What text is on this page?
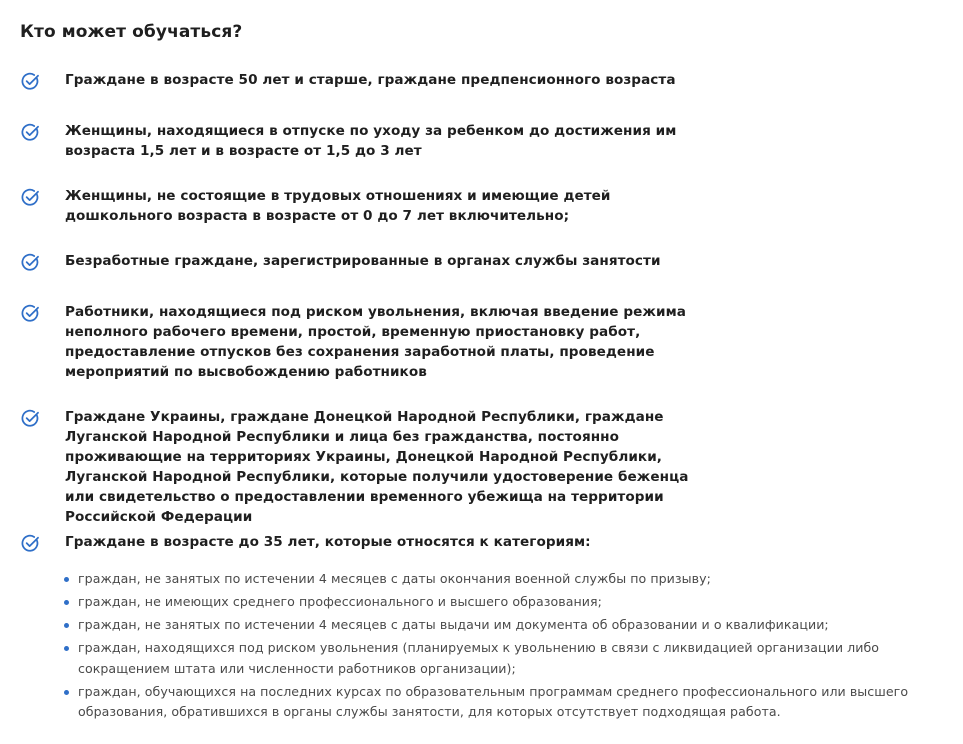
Кто может обучаться?
Граждане в возрасте 50 лет и старше, граждане предпенсионного возраста
Женщины, находящиеся в отпуске по уходу за ребенком до достижения им возраста 1,5 лет и в возрасте от 1,5 до 3 лет
Женщины, не состоящие в трудовых отношениях и имеющие детей дошкольного возраста в возрасте от 0 до 7 лет включительно;
Безработные граждане, зарегистрированные в органах службы занятости
Работники, находящиеся под риском увольнения, включая введение режима неполного рабочего времени, простой, временную приостановку работ, предоставление отпусков без сохранения заработной платы, проведение мероприятий по высвобождению работников
Граждане Украины, граждане Донецкой Народной Республики, граждане Луганской Народной Республики и лица без гражданства, постоянно проживающие на территориях Украины, Донецкой Народной Республики, Луганской Народной Республики, которые получили удостоверение беженца или свидетельство о предоставлении временного убежища на территории Российской Федерации
Граждане в возрасте до 35 лет, которые относятся к категориям:
граждан, не занятых по истечении 4 месяцев с даты окончания военной службы по призыву;
граждан, не имеющих среднего профессионального и высшего образования;
граждан, не занятых по истечении 4 месяцев с даты выдачи им документа об образовании и о квалификации;
граждан, находящихся под риском увольнения (планируемых к увольнению в связи с ликвидацией организации либо сокращением штата или численности работников организации);
граждан, обучающихся на последних курсах по образовательным программам среднего профессионального или высшего образования, обратившихся в органы службы занятости, для которых отсутствует подходящая работа.
